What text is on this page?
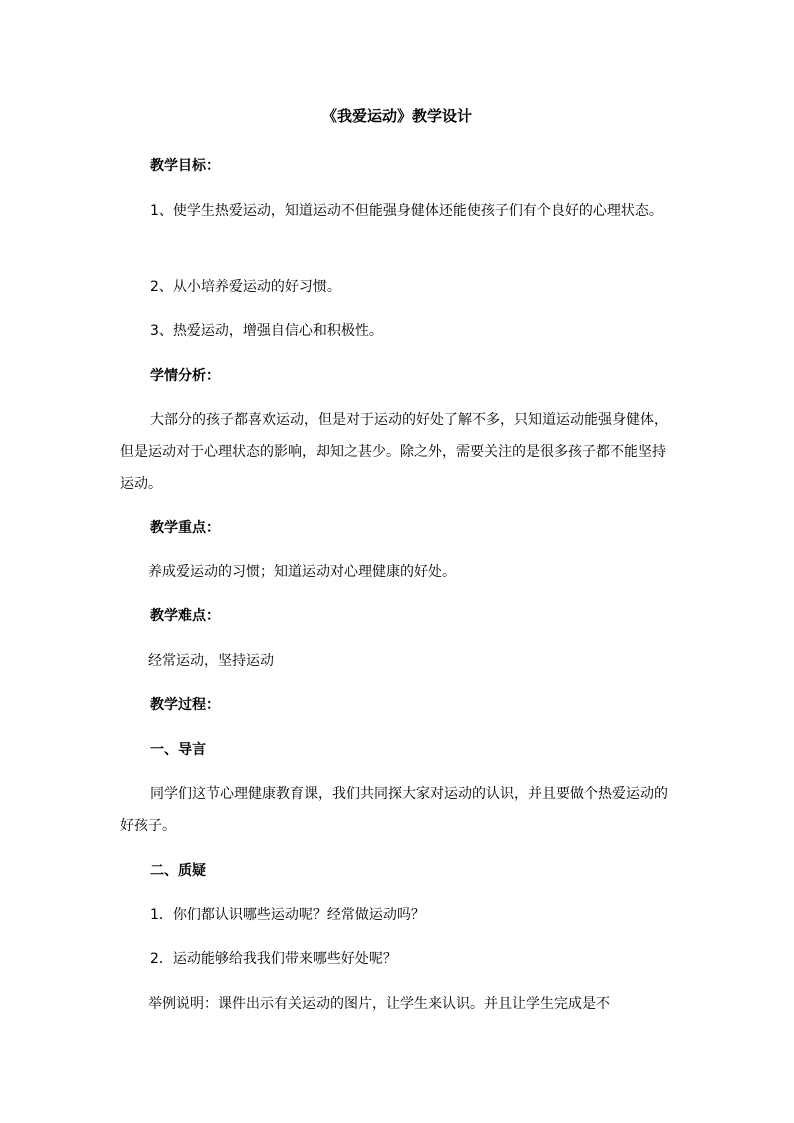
《我爱运动》教学设计

教学目标：

1、使学生热爱运动，知道运动不但能强身健体还能使孩子们有个良好的心理状态。

2、从小培养爱运动的好习惯。

3、热爱运动，增强自信心和积极性。

学情分析：

大部分的孩子都喜欢运动，但是对于运动的好处了解不多，只知道运动能强身健体，但是运动对于心理状态的影响，却知之甚少。除之外，需要关注的是很多孩子都不能坚持运动。

教学重点：

养成爱运动的习惯；知道运动对心理健康的好处。

教学难点：

经常运动，坚持运动

教学过程：

一、导言

同学们这节心理健康教育课，我们共同探大家对运动的认识，并且要做个热爱运动的好孩子。

二、质疑

1．你们都认识哪些运动呢？经常做运动吗？

2．运动能够给我我们带来哪些好处呢？

举例说明：课件出示有关运动的图片，让学生来认识。并且让学生完成是不
